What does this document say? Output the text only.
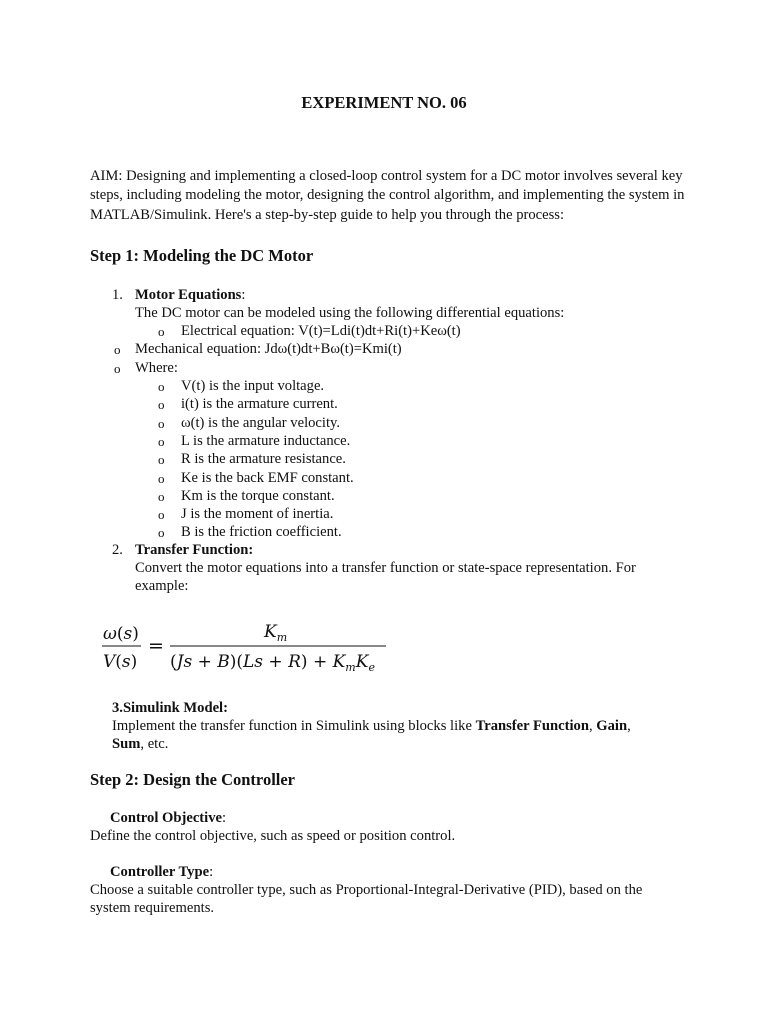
EXPERIMENT NO. 06
AIM: Designing and implementing a closed-loop control system for a DC motor involves several key steps, including modeling the motor, designing the control algorithm, and implementing the system in MATLAB/Simulink. Here's a step-by-step guide to help you through the process:
Step 1: Modeling the DC Motor
1. Motor Equations:
The DC motor can be modeled using the following differential equations:
o Electrical equation: V(t)=Ldi(t)dt+Ri(t)+Keω(t)
o Mechanical equation: Jdω(t)dt+Bω(t)=Kmi(t)
o Where:
o V(t) is the input voltage.
o i(t) is the armature current.
o ω(t) is the angular velocity.
o L is the armature inductance.
o R is the armature resistance.
o Ke is the back EMF constant.
o Km is the torque constant.
o J is the moment of inertia.
o B is the friction coefficient.
2. Transfer Function:
Convert the motor equations into a transfer function or state-space representation. For
example:
ω(s)
V(s)
=
$K_m$
$(Js + B)(Ls + R) + K_mK_e$
3.Simulink Model:
Implement the transfer function in Simulink using blocks like Transfer Function, Gain,
Sum, etc.
Step 2: Design the Controller
Control Objective:
Define the control objective, such as speed or position control.
Controller Type:
Choose a suitable controller type, such as Proportional-Integral-Derivative (PID), based on the
system requirements.
